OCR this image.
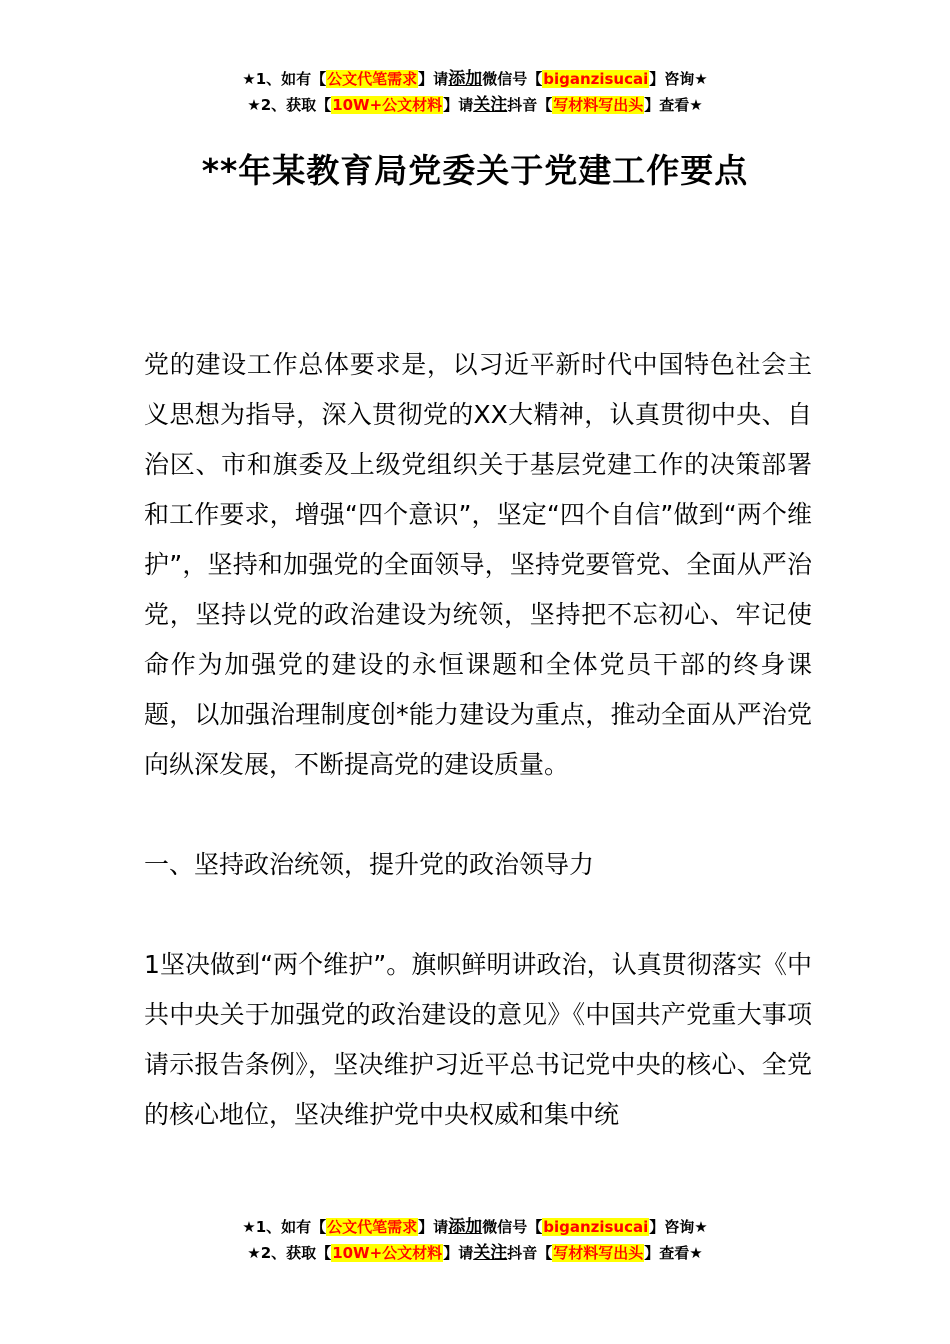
★1、如有【公文代笔需求】请添加微信号【biganzisucai】咨询★
★2、获取【10W+公文材料】请关注抖音【写材料写出头】查看★
**年某教育局党委关于党建工作要点

党的建设工作总体要求是，以习近平新时代中国特色社会主义思想为指导，深入贯彻党的XX大精神，认真贯彻中央、自治区、市和旗委及上级党组织关于基层党建工作的决策部署和工作要求，增强“四个意识”，坚定“四个自信”做到“两个维护”，坚持和加强党的全面领导，坚持党要管党、全面从严治党，坚持以党的政治建设为统领，坚持把不忘初心、牢记使命作为加强党的建设的永恒课题和全体党员干部的终身课题，以加强治理制度创*能力建设为重点，推动全面从严治党向纵深发展，不断提高党的建设质量。

一、坚持政治统领，提升党的政治领导力

1坚决做到“两个维护”。旗帜鲜明讲政治，认真贯彻落实《中共中央关于加强党的政治建设的意见》《中国共产党重大事项请示报告条例》，坚决维护习近平总书记党中央的核心、全党的核心地位，坚决维护党中央权威和集中统

★1、如有【公文代笔需求】请添加微信号【biganzisucai】咨询★
★2、获取【10W+公文材料】请关注抖音【写材料写出头】查看★
